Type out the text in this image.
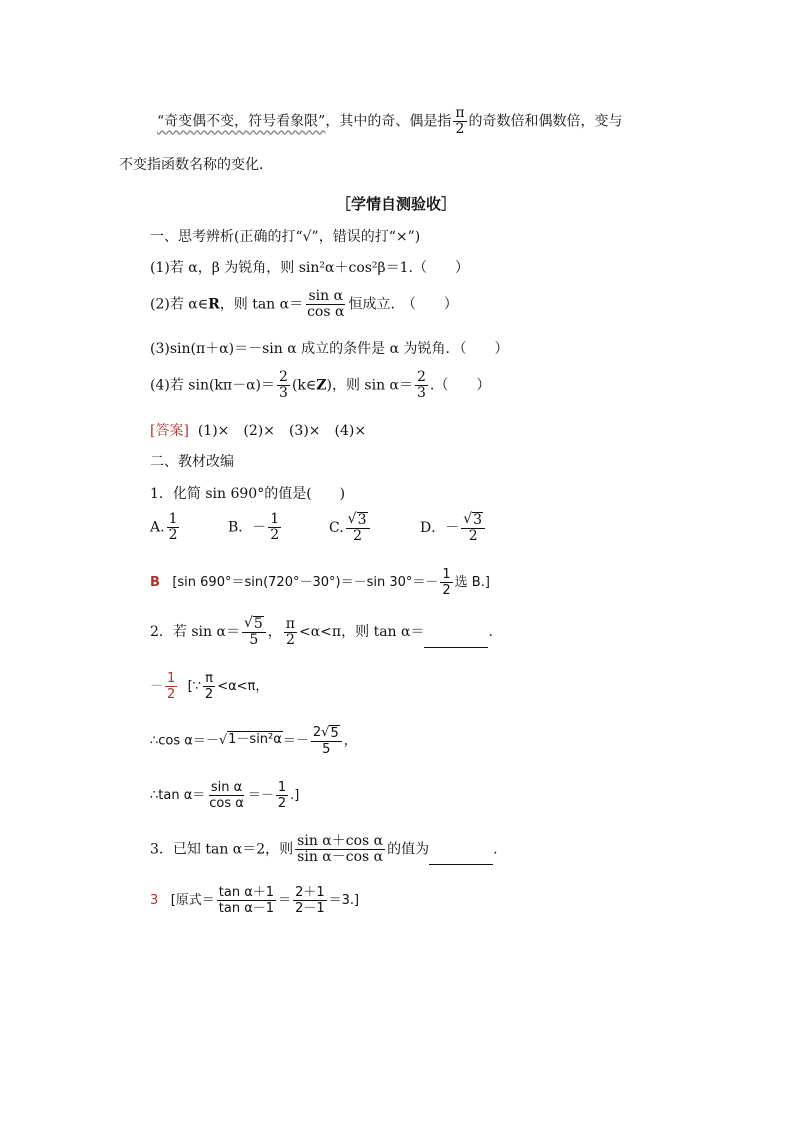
“奇变偶不变，符号看象限”，其中的奇、偶是指 $\frac{\pi}{2}$ 的奇数倍和偶数倍，变与
不变指函数名称的变化．
［学情自测验收］
一、思考辨析(正确的打“√”，错误的打“×”)
(1)若 α，β 为锐角，则 sin²α＋cos²β＝1.（　　）
(2)若 α∈R，则 $\tan \alpha= \frac{\text{sin α}}{\text{cos α}}$ 恒成立.　（　　）
(3)sin(π＋α)＝－sin α 成立的条件是 α 为锐角．（　　）
(4)若 $\sin(k\pi-\alpha)= \frac{2}{3}$ (k∈Z)，则 $\sin \alpha= \frac{2}{3}$ .（　　）
[答案] (1)×　(2)×　(3)×　(4)×
二、教材改编
1．化简 sin 690°的值是(　　)
A. $\frac{1}{2}$	B．－ $\frac{1}{2}$	C. $\frac{√ 3}{2}$	D．－ $\frac{√ 3}{2}$
B [sin 690°＝sin(720°－30°)＝－sin $30^\circ=- \frac{1}{2}$ 选 B.]
2．若 $\sin \alpha= \frac{√ 5}{5}$ ， $\frac{\pi}{2} <\alpha<\pi$，则 tan α＝	.
－ $\frac{1}{2}$ [∵ $\frac{\pi}{2} <\alpha<\pi$，
∴cos α＝－√ $1-\sin^2\alpha =- \frac{2√ 5}{5}$ ，
∴tan $\alpha= \frac{\text{sin α}}{\text{cos α}} =- \frac{1}{2}$ .]
3．已知 tan α＝2，则 $\frac{\text{sin α＋cos α}}{\text{sin α－cos α}}$ 的值为	.
3 [原式＝ $\frac{\text{tan α＋1}}{\text{tan α－1}} = \frac{2+1}{2-1} =3$.]
